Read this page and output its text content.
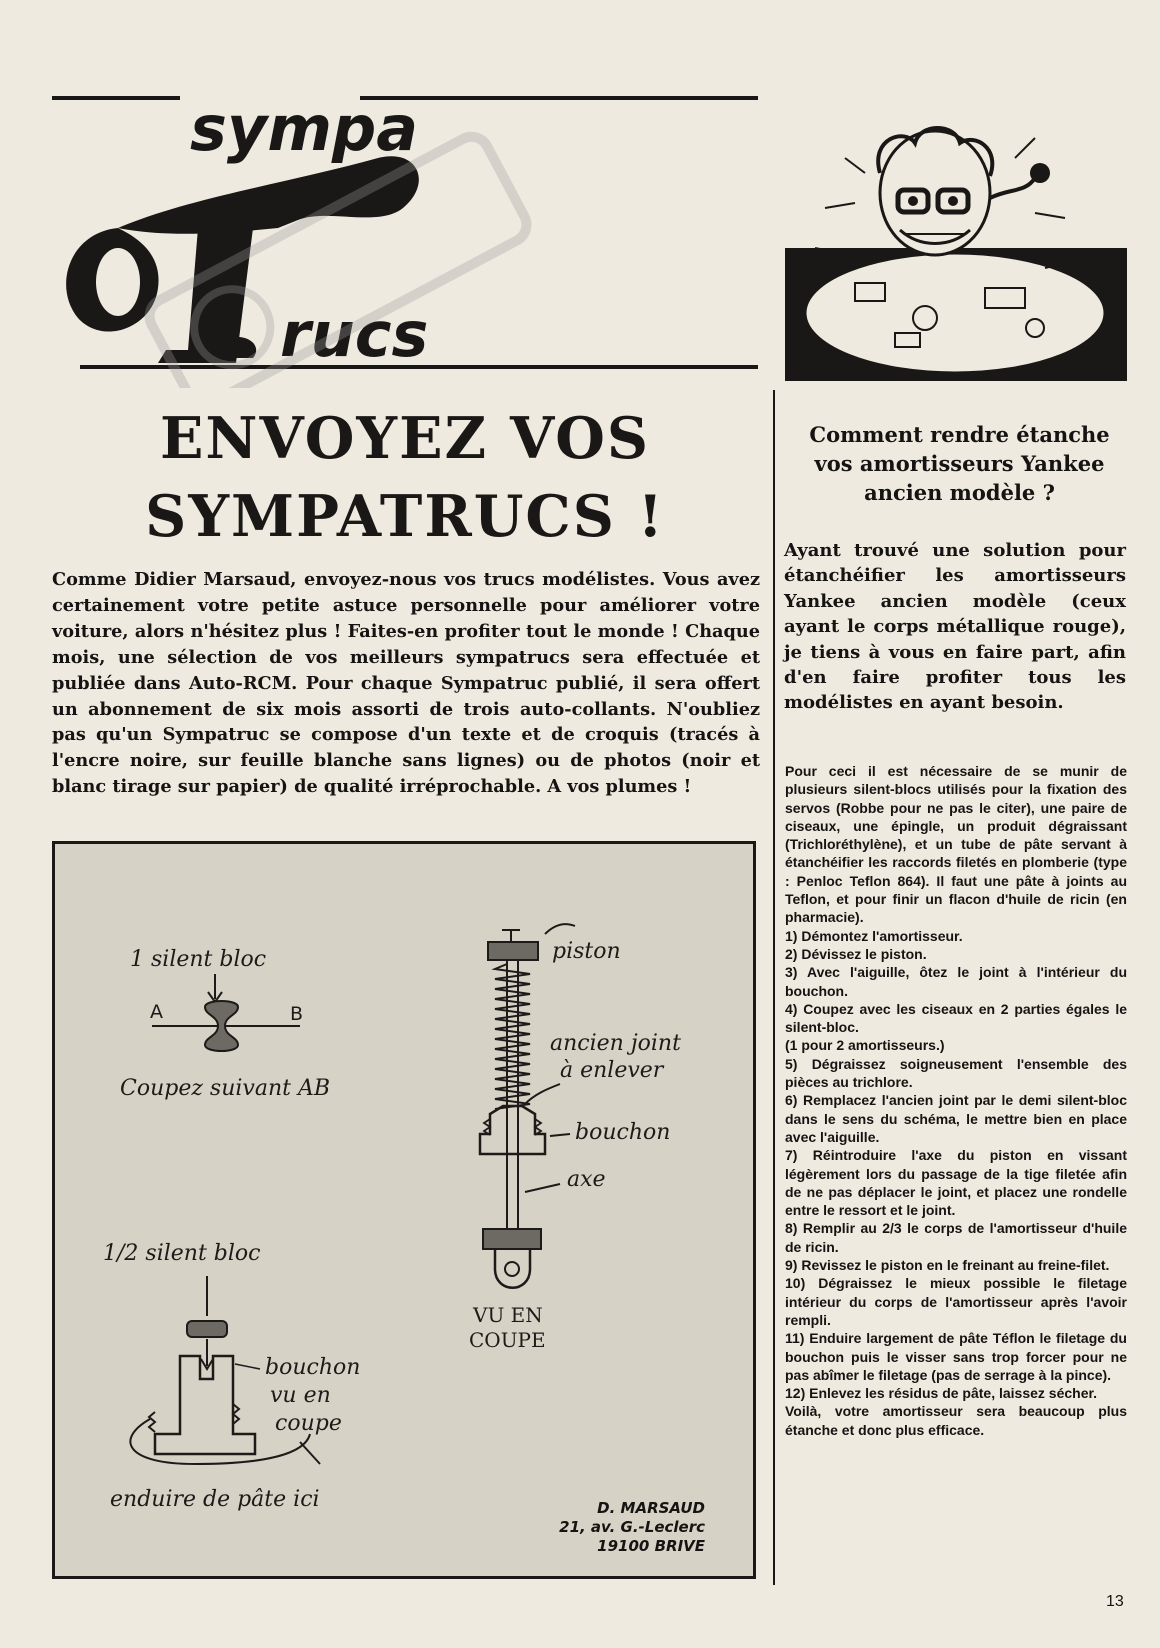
sympa
rucs
ENVOYEZ VOS
SYMPATRUCS !
Comme Didier Marsaud, envoyez-nous vos trucs modélistes. Vous avez certainement votre petite astuce personnelle pour améliorer votre voiture, alors n'hésitez plus ! Faites-en profiter tout le monde ! Chaque mois, une sélection de vos meilleurs sympatrucs sera effectuée et publiée dans Auto-RCM. Pour chaque Sympatruc publié, il sera offert un abonnement de six mois assorti de trois auto-collants. N'oubliez pas qu'un Sympatruc se compose d'un texte et de croquis (tracés à l'encre noire, sur feuille blanche sans lignes) ou de photos (noir et blanc tirage sur papier) de qualité irréprochable. A vos plumes !
1 silent bloc
A	B
Coupez suivant AB
1/2 silent bloc
bouchon
vu en
coupe
enduire de pâte ici
piston
ancien joint
à enlever
bouchon
axe
VU EN
COUPE
D. MARSAUD
21, av. G.-Leclerc
19100 BRIVE
Comment rendre étanche
vos amortisseurs Yankee
ancien modèle ?
Ayant trouvé une solution pour étanchéifier les amortisseurs Yankee ancien modèle (ceux ayant le corps métallique rouge), je tiens à vous en faire part, afin d'en faire profiter tous les modélistes en ayant besoin.

Pour ceci il est nécessaire de se munir de plusieurs silent-blocs utilisés pour la fixation des servos (Robbe pour ne pas le citer), une paire de ciseaux, une épingle, un produit dégraissant (Trichloréthylène), et un tube de pâte servant à étanchéifier les raccords filetés en plomberie (type : Penloc Teflon 864). Il faut une pâte à joints au Teflon, et pour finir un flacon d'huile de ricin (en pharmacie).

1) Démontez l'amortisseur.

2) Dévissez le piston.

3) Avec l'aiguille, ôtez le joint à l'intérieur du bouchon.

4) Coupez avec les ciseaux en 2 parties égales le silent-bloc.

(1 pour 2 amortisseurs.)

5) Dégraissez soigneusement l'ensemble des pièces au trichlore.

6) Remplacez l'ancien joint par le demi silent-bloc dans le sens du schéma, le mettre bien en place avec l'aiguille.

7) Réintroduire l'axe du piston en vissant légèrement lors du passage de la tige filetée afin de ne pas déplacer le joint, et placez une rondelle entre le ressort et le joint.

8) Remplir au 2/3 le corps de l'amortisseur d'huile de ricin.

9) Revissez le piston en le freinant au freine-filet.

10) Dégraissez le mieux possible le filetage intérieur du corps de l'amortisseur après l'avoir rempli.

11) Enduire largement de pâte Téflon le filetage du bouchon puis le visser sans trop forcer pour ne pas abîmer le filetage (pas de serrage à la pince).

12) Enlevez les résidus de pâte, laissez sécher.

Voilà, votre amortisseur sera beaucoup plus étanche et donc plus efficace.

13
